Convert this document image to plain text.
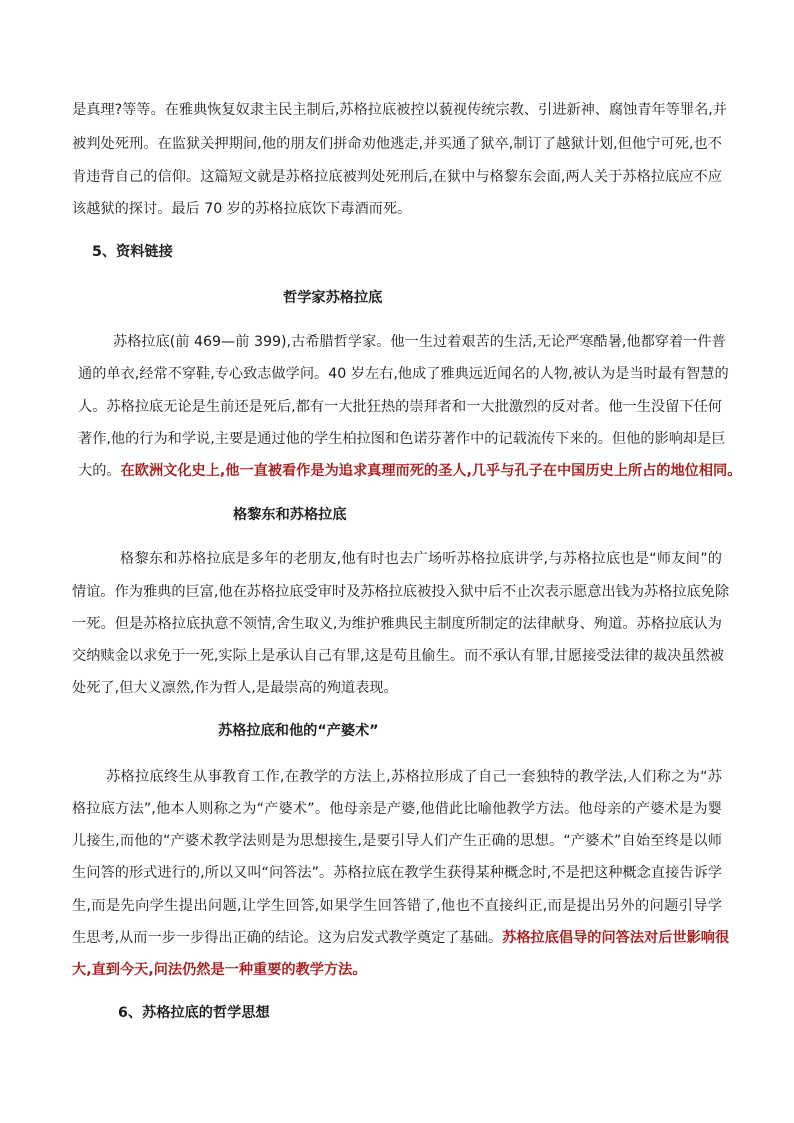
是真理?等等。在雅典恢复奴隶主民主制后,苏格拉底被控以藐视传统宗教、引进新神、腐蚀青年等罪名,并
被判处死刑。在监狱关押期间,他的朋友们拼命劝他逃走,并买通了狱卒,制订了越狱计划,但他宁可死,也不
肯违背自己的信仰。这篇短文就是苏格拉底被判处死刑后,在狱中与格黎东会面,两人关于苏格拉底应不应
该越狱的探讨。最后 70 岁的苏格拉底饮下毒酒而死。
5、资料链接
哲学家苏格拉底
苏格拉底(前 469—前 399),古希腊哲学家。他一生过着艰苦的生活,无论严寒酷暑,他都穿着一件普
通的单衣,经常不穿鞋,专心致志做学问。40 岁左右,他成了雅典远近闻名的人物,被认为是当时最有智慧的
人。苏格拉底无论是生前还是死后,都有一大批狂热的崇拜者和一大批激烈的反对者。他一生没留下任何
著作,他的行为和学说,主要是通过他的学生柏拉图和色诺芬著作中的记载流传下来的。但他的影响却是巨
大的。在欧洲文化史上,他一直被看作是为追求真理而死的圣人,几乎与孔子在中国历史上所占的地位相同。
格黎东和苏格拉底
格黎东和苏格拉底是多年的老朋友,他有时也去广场听苏格拉底讲学,与苏格拉底也是“师友间”的
情谊。作为雅典的巨富,他在苏格拉底受审时及苏格拉底被投入狱中后不止次表示愿意出钱为苏格拉底免除
一死。但是苏格拉底执意不领情,舍生取义,为维护雅典民主制度所制定的法律献身、殉道。苏格拉底认为
交纳赎金以求免于一死,实际上是承认自己有罪,这是苟且偷生。而不承认有罪,甘愿接受法律的裁决虽然被
处死了,但大义凛然,作为哲人,是最崇高的殉道表现。
苏格拉底和他的“产婆术”
苏格拉底终生从事教育工作,在教学的方法上,苏格拉形成了自己一套独特的教学法,人们称之为“苏
格拉底方法”,他本人则称之为“产婆术”。他母亲是产婆,他借此比喻他教学方法。他母亲的产婆术是为婴
儿接生,而他的“产婆术教学法则是为思想接生,是要引导人们产生正确的思想。“产婆术”自始至终是以师
生问答的形式进行的,所以又叫“问答法”。苏格拉底在教学生获得某种概念时,不是把这种概念直接告诉学
生,而是先向学生提出问题,让学生回答,如果学生回答错了,他也不直接纠正,而是提出另外的问题引导学
生思考,从而一步一步得出正确的结论。这为启发式教学奠定了基础。苏格拉底倡导的问答法对后世影响很
大,直到今天,问法仍然是一种重要的教学方法。
6、苏格拉底的哲学思想
